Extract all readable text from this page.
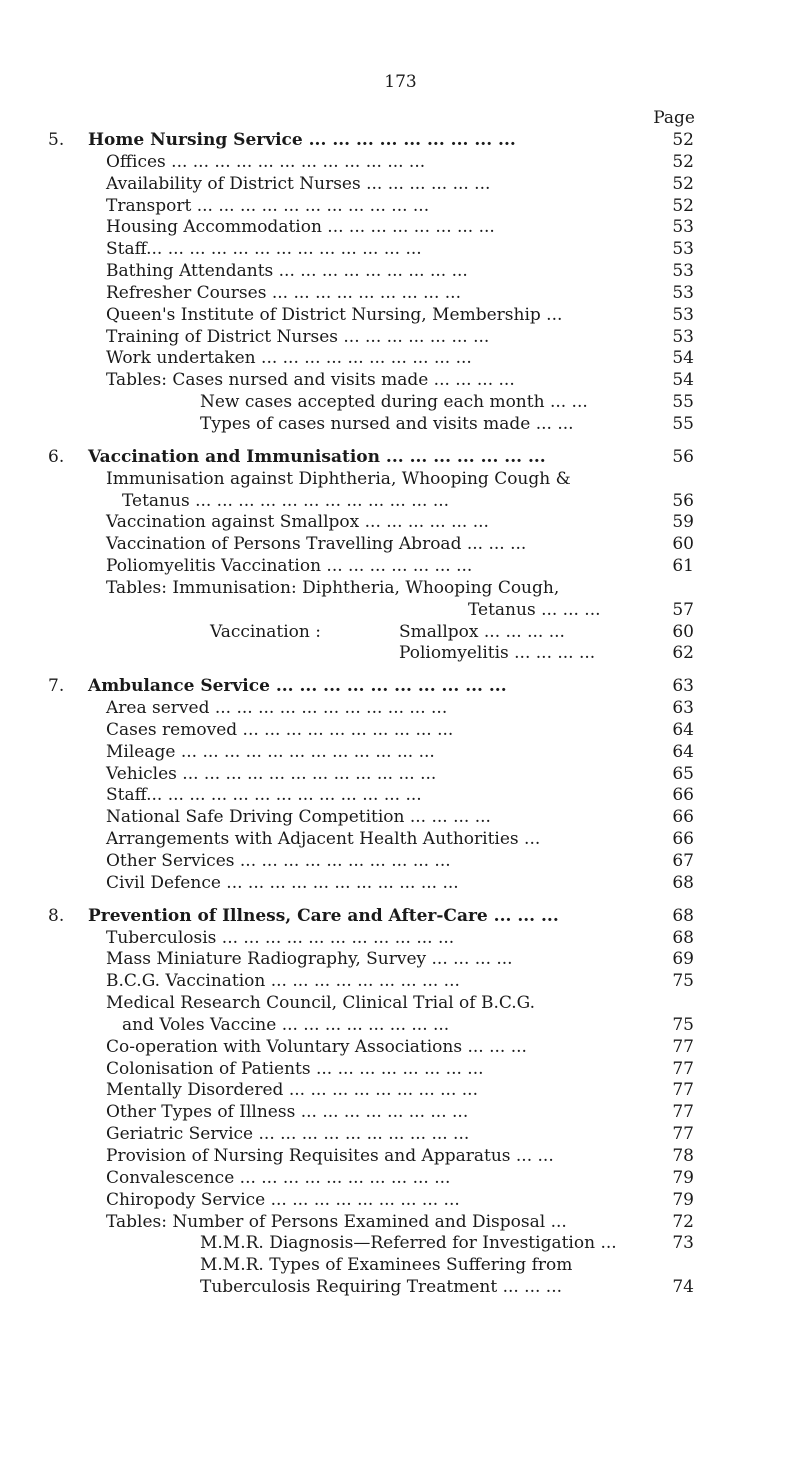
173
Page
5. Home Nursing Service ... ... ... ... ... ... ... ... ...	52
Offices ... ... ... ... ... ... ... ... ... ... ... ...	52
Availability of District Nurses ... ... ... ... ... ...	52
Transport ... ... ... ... ... ... ... ... ... ... ...	52
Housing Accommodation ... ... ... ... ... ... ... ...	53
Staff... ... ... ... ... ... ... ... ... ... ... ... ...	53
Bathing Attendants ... ... ... ... ... ... ... ... ...	53
Refresher Courses ... ... ... ... ... ... ... ... ...	53
Queen's Institute of District Nursing, Membership ...	53
Training of District Nurses ... ... ... ... ... ... ...	53
Work undertaken ... ... ... ... ... ... ... ... ... ...	54
Tables: Cases nursed and visits made ... ... ... ...	54
New cases accepted during each month ... ...	55
Types of cases nursed and visits made ... ...	55
6. Vaccination and Immunisation ... ... ... ... ... ... ...	56
Immunisation against Diphtheria, Whooping Cough &
Tetanus ... ... ... ... ... ... ... ... ... ... ... ...	56
Vaccination against Smallpox ... ... ... ... ... ...	59
Vaccination of Persons Travelling Abroad ... ... ...	60
Poliomyelitis Vaccination ... ... ... ... ... ... ...	61
Tables: Immunisation: Diphtheria, Whooping Cough,
Tetanus ... ... ...	57
Vaccination :	Smallpox ... ... ... ...	60
Poliomyelitis ... ... ... ...	62
7. Ambulance Service ... ... ... ... ... ... ... ... ... ...	63
Area served ... ... ... ... ... ... ... ... ... ... ...	63
Cases removed ... ... ... ... ... ... ... ... ... ...	64
Mileage ... ... ... ... ... ... ... ... ... ... ... ...	64
Vehicles ... ... ... ... ... ... ... ... ... ... ... ...	65
Staff... ... ... ... ... ... ... ... ... ... ... ... ...	66
National Safe Driving Competition ... ... ... ...	66
Arrangements with Adjacent Health Authorities ...	66
Other Services ... ... ... ... ... ... ... ... ... ...	67
Civil Defence ... ... ... ... ... ... ... ... ... ... ...	68
8. Prevention of Illness, Care and After-Care ... ... ...	68
Tuberculosis ... ... ... ... ... ... ... ... ... ... ...	68
Mass Miniature Radiography, Survey ... ... ... ...	69
B.C.G. Vaccination ... ... ... ... ... ... ... ... ...	75
Medical Research Council, Clinical Trial of B.C.G.
and Voles Vaccine ... ... ... ... ... ... ... ...	75
Co-operation with Voluntary Associations ... ... ...	77
Colonisation of Patients ... ... ... ... ... ... ... ...	77
Mentally Disordered ... ... ... ... ... ... ... ... ...	77
Other Types of Illness ... ... ... ... ... ... ... ...	77
Geriatric Service ... ... ... ... ... ... ... ... ... ...	77
Provision of Nursing Requisites and Apparatus ... ...	78
Convalescence ... ... ... ... ... ... ... ... ... ...	79
Chiropody Service ... ... ... ... ... ... ... ... ...	79
Tables: Number of Persons Examined and Disposal ...	72
M.M.R. Diagnosis—Referred for Investigation ...	73
M.M.R. Types of Examinees Suffering from
Tuberculosis Requiring Treatment ... ... ...	74
